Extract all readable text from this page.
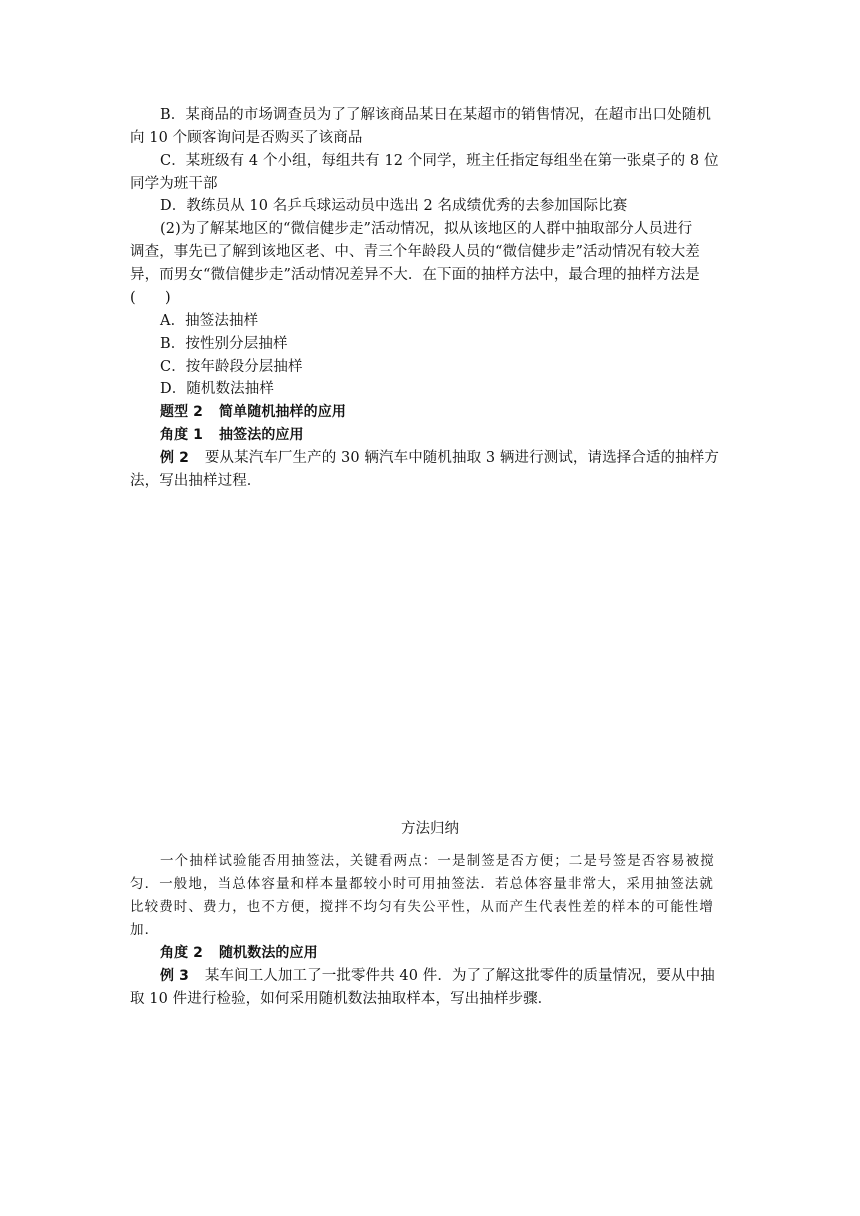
B．某商品的市场调查员为了了解该商品某日在某超市的销售情况，在超市出口处随机
向 10 个顾客询问是否购买了该商品
C．某班级有 4 个小组，每组共有 12 个同学，班主任指定每组坐在第一张桌子的 8 位
同学为班干部
D．教练员从 10 名乒乓球运动员中选出 2 名成绩优秀的去参加国际比赛
(2)为了解某地区的“微信健步走”活动情况，拟从该地区的人群中抽取部分人员进行
调查，事先已了解到该地区老、中、青三个年龄段人员的“微信健步走”活动情况有较大差
异，而男女“微信健步走”活动情况差异不大．在下面的抽样方法中，最合理的抽样方法是
(　　)
A．抽签法抽样
B．按性别分层抽样
C．按年龄段分层抽样
D．随机数法抽样
题型 2 简单随机抽样的应用
角度 1 抽签法的应用
例 2 要从某汽车厂生产的 30 辆汽车中随机抽取 3 辆进行测试，请选择合适的抽样方
法，写出抽样过程．
方法归纳
一个抽样试验能否用抽签法，关键看两点：一是制签是否方便；二是号签是否容易被搅
匀．一般地，当总体容量和样本量都较小时可用抽签法．若总体容量非常大，采用抽签法就
比较费时、费力，也不方便，搅拌不均匀有失公平性，从而产生代表性差的样本的可能性增
加．
角度 2 随机数法的应用
例 3 某车间工人加工了一批零件共 40 件．为了了解这批零件的质量情况，要从中抽
取 10 件进行检验，如何采用随机数法抽取样本，写出抽样步骤．
